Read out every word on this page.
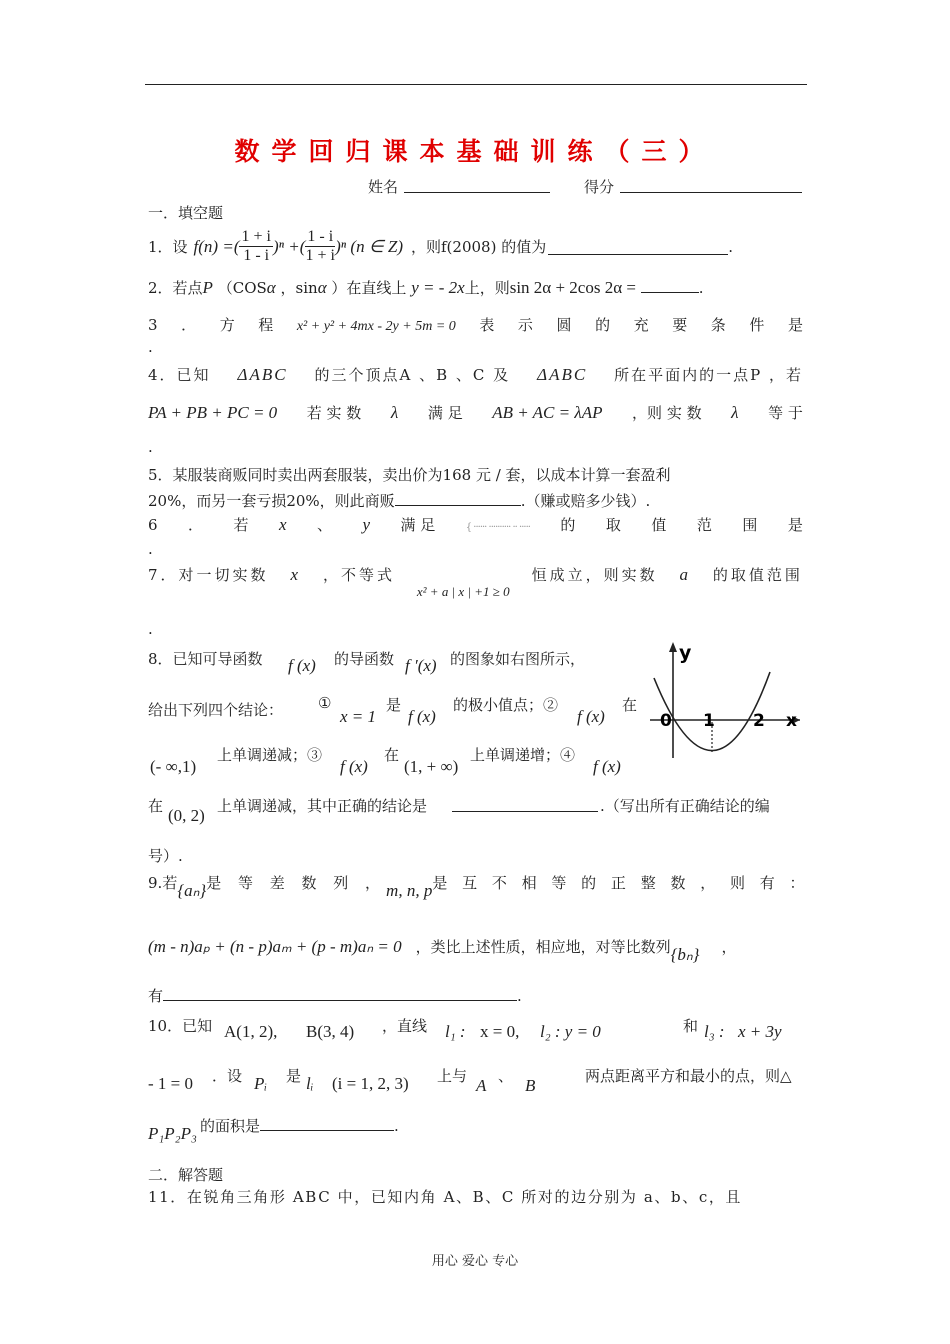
数学回归课本基础训练（三）
姓名	得分
一．填空题
1．设 f(n) =( $\frac{1 + i}{1 - i} )^n$ +( $\frac{1 - i}{1 + i} )^n$ (n ∈ Z) ，则f(2008) 的值为	.
2．若点P （COSα ，sinα ）在直线上 y = - 2x上，则sin 2α + 2cos 2α =	.
3 ． 方 程 x² + y² + 4mx - 2y + 5m = 0 表 示 圆 的 充 要 条 件 是
.
4．已知 ΔABC 的三个顶点A 、B 、C 及 ΔABC 所在平面内的一点P ，若
PA + PB + PC = 0 若 实 数 λ 满 足 AB + AC = λAP ，则 实 数 λ 等 于
.
5．某服装商贩同时卖出两套服装，卖出价为168 元 / 套，以成本计算一套盈利
20%，而另一套亏损20%，则此商贩	.（赚或赔多少钱）.
6 ． 若 x 、 y 满 足	{ ······ ·········· ·· ····· 的 取 值 范 围 是
.
7．对一切实数 x ，不等式
x² + a | x | +1 ≥ 0
恒成立，则实数 a 的取值范围
.
8．已知可导函数 f (x) 的导函数 f ′(x) 的图象如右图所示，
给出下列四个结论： ①
x = 1
是
f (x)
的极小值点；②
f (x)
在
(- ∞,1)
上单调递减；③
f (x)
在
(1, + ∞)
上单调递增；④
f (x)
在 (0, 2) 上单调递减，其中正确的结论是	.（写出所有正确结论的编
号）.
y
0 1 2 x
9. 若 {aₙ} 是 等 差 数 列 ， m, n, p 是 互 不 相 等 的 正 整 数 ， 则 有 ：
(m - n)aₚ + (n - p)aₘ + (p - m)aₙ = 0 ，类比上述性质，相应地，对等比数列 {bₙ} ，
有	.
10．已知 A(1, 2), B(3, 4) ，直线 l₁ : x = 0, l₂ : y = 0	和 l₃ : x + 3y
- 1 = 0 ．设 Pᵢ 是 lᵢ (i = 1, 2, 3) 上与 A 、 B	两点距离平方和最小的点，则△
P₁P₂P₃ 的面积是	.
二．解答题
11．在锐角三角形 ABC 中，已知内角 A、B、C 所对的边分别为 a、b、c，且
用心 爱心 专心
